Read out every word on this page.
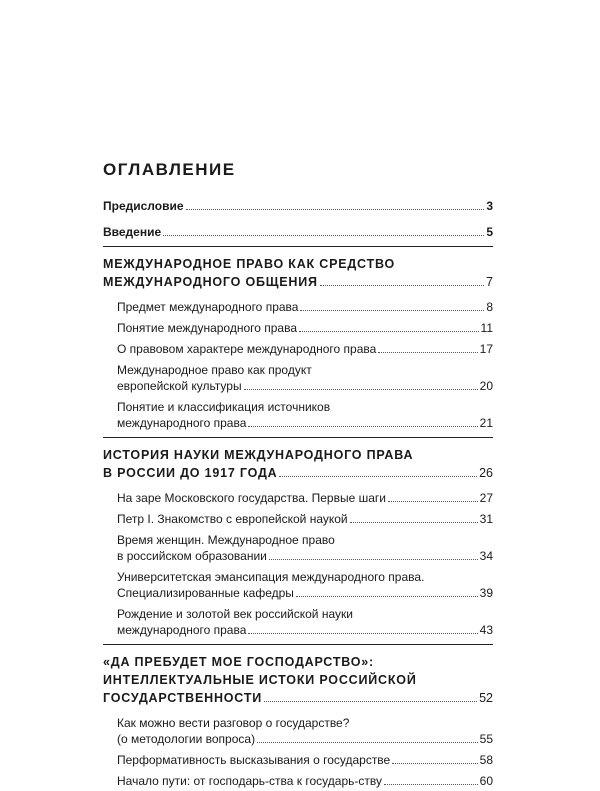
ОГЛАВЛЕНИЕ
Предисловие	3
Введение	5
МЕЖДУНАРОДНОЕ ПРАВО КАК СРЕДСТВО
МЕЖДУНАРОДНОГО ОБЩЕНИЯ	7
Предмет международного права	8
Понятие международного права	11
О правовом характере международного права	17
Международное право как продукт
европейской культуры	20
Понятие и классификация источников
международного права	21
ИСТОРИЯ НАУКИ МЕЖДУНАРОДНОГО ПРАВА
В РОССИИ ДО 1917 ГОДА	26
На заре Московского государства. Первые шаги	27
Петр I. Знакомство с европейской наукой	31
Время женщин. Международное право
в российском образовании	34
Университетская эмансипация международного права.
Специализированные кафедры	39
Рождение и золотой век российской науки
международного права	43
«ДА ПРЕБУДЕТ МОЕ ГОСПОДАРСТВО»:
ИНТЕЛЛЕКТУАЛЬНЫЕ ИСТОКИ РОССИЙСКОЙ
ГОСУДАРСТВЕННОСТИ	52
Как можно вести разговор о государстве?
(о методологии вопроса)	55
Перформативность высказывания о государстве	58
Начало пути: от господарь-ства к государь-ству	60
